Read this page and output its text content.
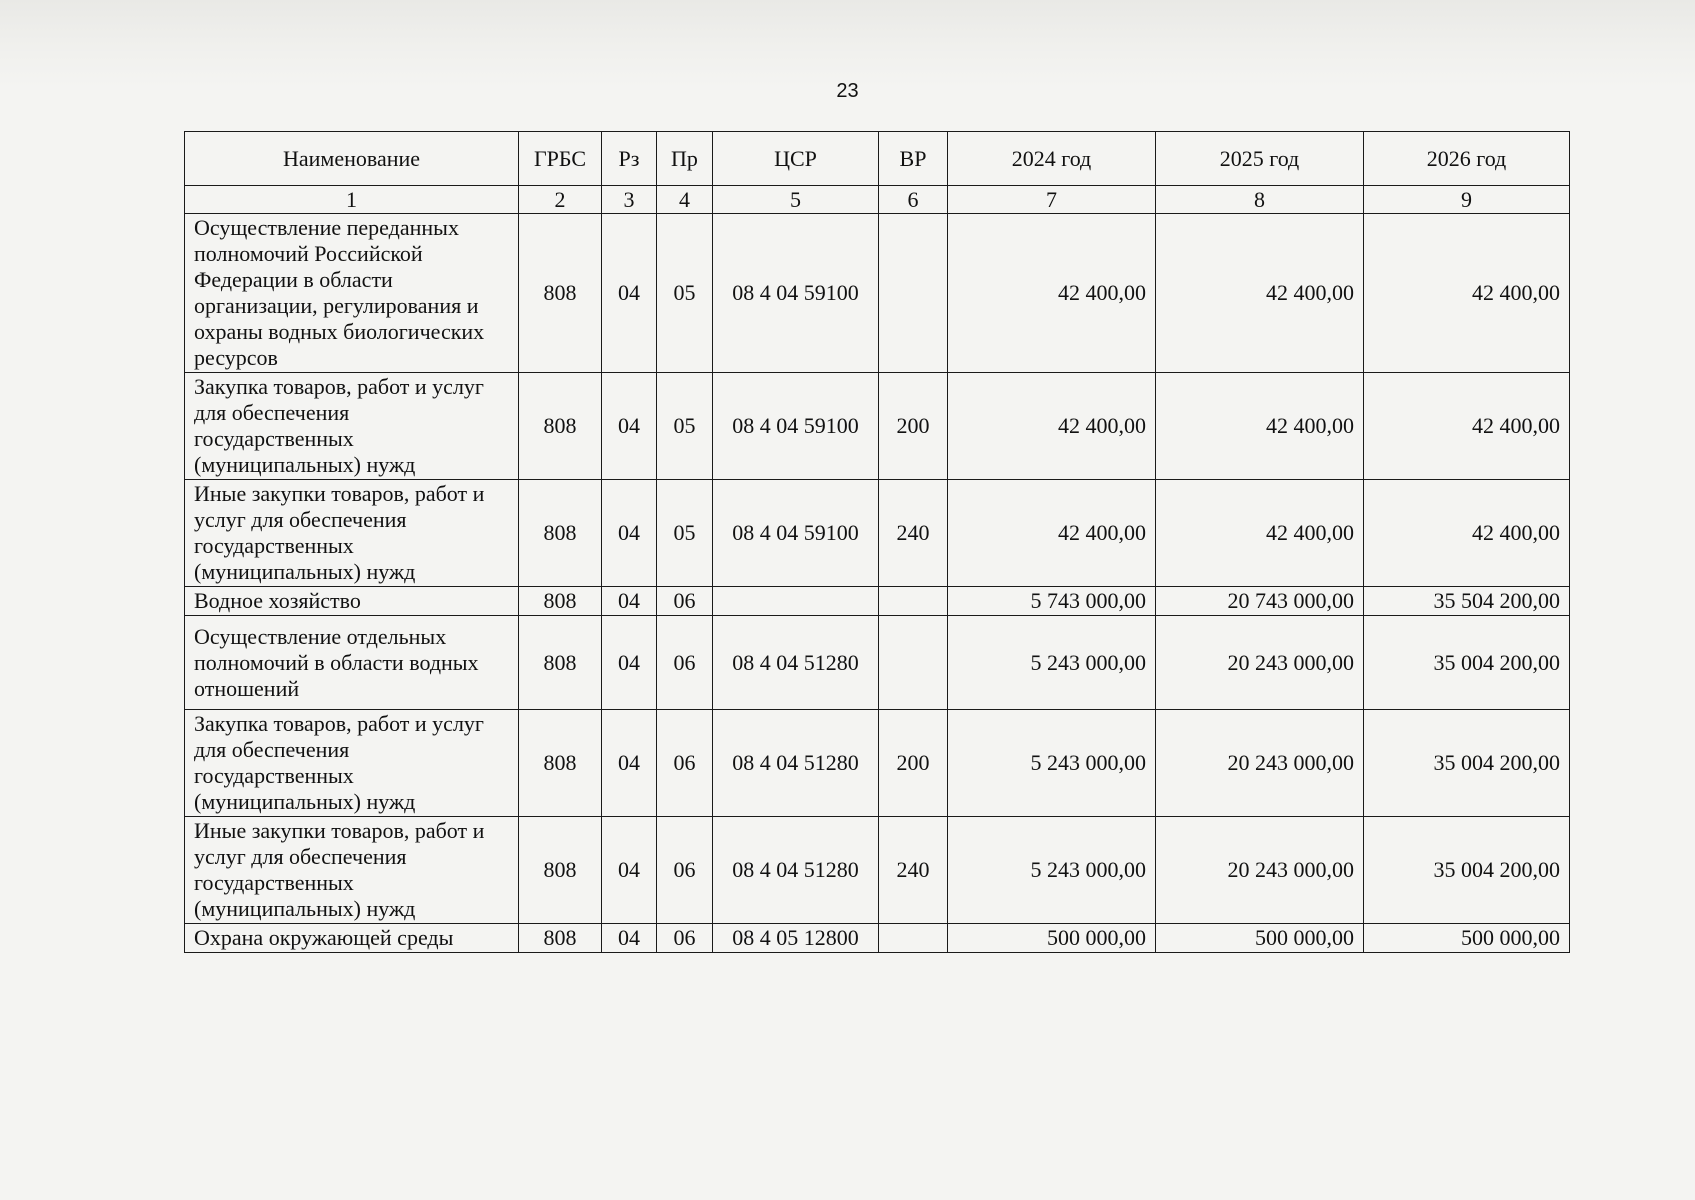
23
Наименование	ГРБС	Рз	Пр	ЦСР	ВР	2024 год	2025 год	2026 год
1	2	3	4	5	6	7	8	9
Осуществление переданных полномочий Российской Федерации в области организации, регулирования и охраны водных биологических ресурсов	808	04	05	08 4 04 59100		42 400,00	42 400,00	42 400,00
Закупка товаров, работ и услуг для обеспечения государственных (муниципальных) нужд	808	04	05	08 4 04 59100	200	42 400,00	42 400,00	42 400,00
Иные закупки товаров, работ и услуг для обеспечения государственных (муниципальных) нужд	808	04	05	08 4 04 59100	240	42 400,00	42 400,00	42 400,00
Водное хозяйство	808	04	06			5 743 000,00	20 743 000,00	35 504 200,00
Осуществление отдельных полномочий в области водных отношений	808	04	06	08 4 04 51280		5 243 000,00	20 243 000,00	35 004 200,00
Закупка товаров, работ и услуг для обеспечения государственных (муниципальных) нужд	808	04	06	08 4 04 51280	200	5 243 000,00	20 243 000,00	35 004 200,00
Иные закупки товаров, работ и услуг для обеспечения государственных (муниципальных) нужд	808	04	06	08 4 04 51280	240	5 243 000,00	20 243 000,00	35 004 200,00
Охрана окружающей среды	808	04	06	08 4 05 12800		500 000,00	500 000,00	500 000,00
